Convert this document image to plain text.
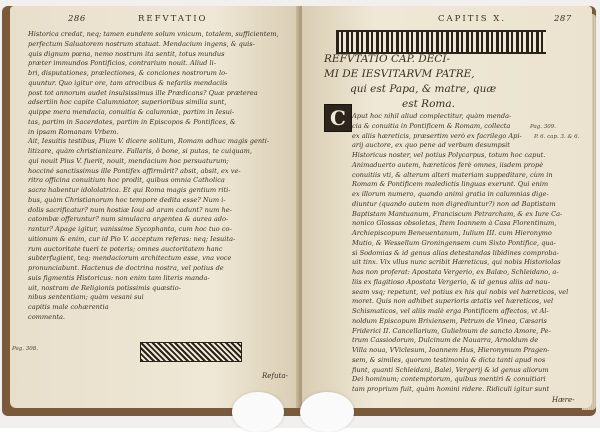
286	REFVTATIO
Historica credat, neq; tamen eundem solum vnicum, totalem, sufficientem,
perfectum Saluatorem nostrum statuat. Mendacium ingens, & quis-
quis dignum pœna, nemo nostrum ita sentit, totus mundus
præter immundos Pontificios, contrarium nouit. Aliud li-
bri, disputationes, prælectiones, & conciones nostrorum lo-
quuntur. Quo igitur ore, tam atrocibus & nefariis mendaciis
post tot annorum audet insulsissimus ille Prædicans? Quæ præterea
adsertiin hoc capite Calumniator, superioribus similia sunt,
quippe mera mendacia, conuitia & calumniæ, partim in Iesui-
tas, partim in Sacerdotes, partim in Episcopos & Pontifices, &
in ipsam Romanam Vrbem.
Ait, Iesuitis testibus, Pium V. dicere solitum, Romam adhuc magis genti-
litizare, quàm christianizare. Fallaris, ô bone, si putas, te cuiquam,
qui nouit Pius V. fuerit, nouit, mendacium hoc persuaturum;
hocciné sanctissimus ille Pontifex affirmârit? absit, absit, ex ve-
ritra officina conuitium hoc prodit, quibus omnia Catholica
sacra habentur idololatrica. Et qui Roma magis gentium riti-
bus, quàm Christianorum hoc tempore dedita esse? Num i-
dolis sacrificatur? num hostiæ Ioui ad aram cadunt? num he-
catombæ offeruntur? num simulacra argentea & aurea ado-
rantur? Apage igitur, vanissime Sycophanta, cum hoc tuo co-
uitionum & enim, cur id Pio V. acceptum referas: neq; Iesuita-
rum auctoritate tueri te poteris; omnes auctoritatem hanc
subterfugient, teq; mendaciorum architectum esse, vna voce
pronunciabunt. Hactenus de doctrina nostra, vel potius de
suis figmentis Historicus: non enim tam literis manda-
uit, nostram de Religionis potissimis quæstio-
nibus sententiam; quàm vesani sui
capitis male cohærentia
commenta.
Pag. 308.
Refuta-
CAPITIS X.	287
REFVTATIO CAP. DECI-
MI DE IESVITARVM PATRE,
qui est Papa, & matre, quæ
est Roma.
Aput hoc nihil aliud complectitur, quàm menda-
cia & conuitia in Pontificem & Romam, collecta
ex aliis hæreticis, præsertim verò ex facrilego Api-
arij auctore, ex quo pene ad verbum desumpsit
Historicus noster, vel potius Polycarpus, totum hoc caput.
Animaduerto autem, hæreticos ferè omnes, iisdem propè
conuitiis vti, & alterum alteri materiam suppeditare, cùm in
Romam & Pontificem maledictis linguas exerunt. Qui enim
ex illorum numero, quando animi gratia in calumnias dige-
diuntur (quando autem non digrediuntur?) non ad Baptistam
Baptistam Mantuanum, Franciscum Petrarcham, & ex Iure Ca-
nonico Glossas obsoletas, Item Ioannem à Casa Florentinum,
Archiepiscopum Beneuentanum, Iulium III. cum Hieronymo
Mutio, & Wessellum Groningensem cum Sixto Pontifice, qua-
si Sodomias & id genus alias detestandas libidines comproba-
uit tinx. Vix vllus nunc scribit Hæreticus, qui nobis Historiolas
has non proferat: Apostata Vergerio, ex Balæo, Schleidano, a-
liis ex flagitioso Apostata Vergerio, & id genus aliis ad nau-
seam vsq; repetunt, vel potius ex his qui nobis vel hæreticos, vel
moret. Quis non adhibet superioris ætatis vel hæreticos, vel
Schismaticos, vel aliis malè erga Pontificem affectos, vt Al-
noldum Episcopum Brixiensem, Petrum de Vinea, Cæsaris
Friderici II. Cancellarium, Gulielmum de sancto Amore, Pe-
trum Cassiodorum, Dulcinum de Nauarra, Arnoldum de
Villa noua, VViclesum, Ioannem Hus, Hieronymum Pragen-
sem, & similes, quorum testimonia & dicta tanti apud nos
fiunt, quanti Schleidani, Balei, Vergerij & id genus aliorum
Dei hominum; contemptorum, quibus mentiri & conuitiari
tam proprium fuit, quàm homini ridere. Ridiculi igitur sunt
Pag. 309.
P. 6. cap. 3. & 6.
Hære-
C
